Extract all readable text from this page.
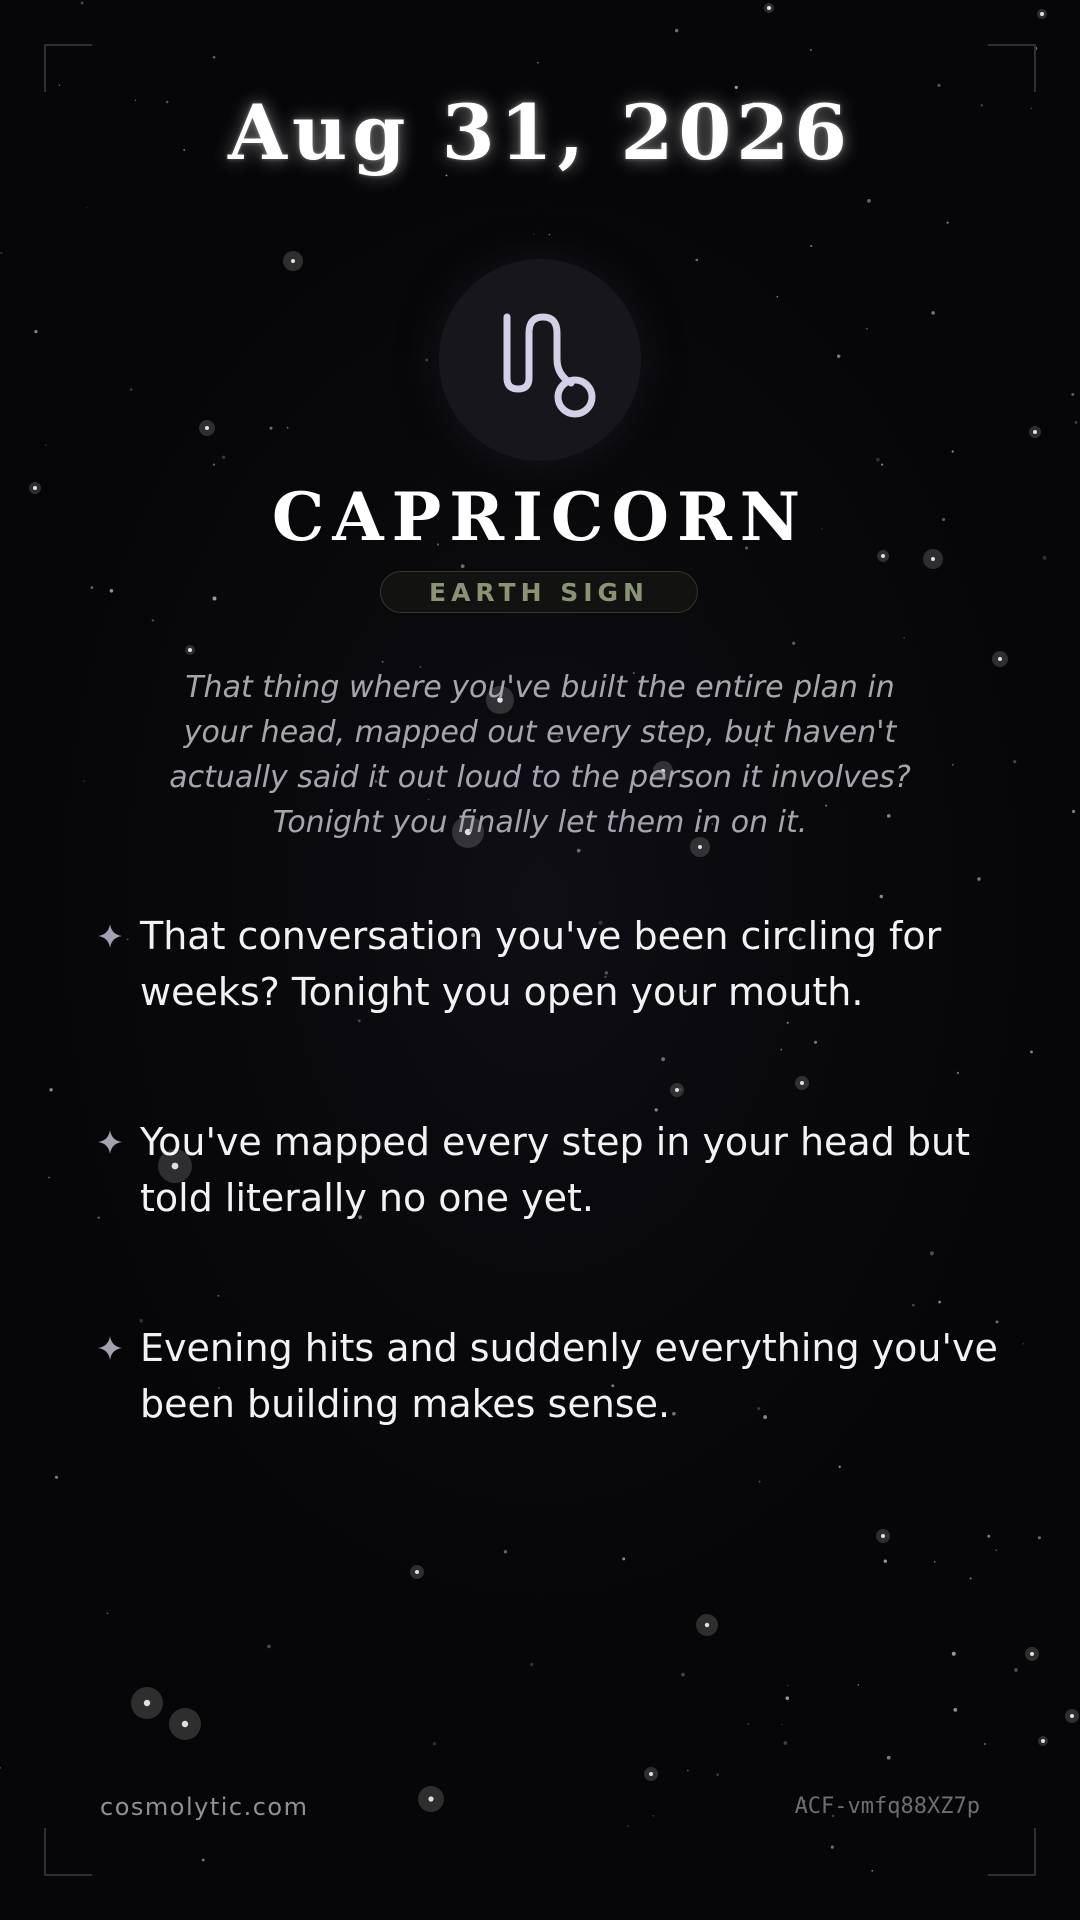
Aug 31, 2026
CAPRICORN
EARTH SIGN
That thing where you've built the entire plan in your head, mapped out every step, but haven't actually said it out loud to the person it involves? Tonight you finally let them in on it.
That conversation you've been circling for weeks? Tonight you open your mouth.
You've mapped every step in your head but told literally no one yet.
Evening hits and suddenly everything you've been building makes sense.
cosmolytic.com	ACF-vmfq88XZ7p
